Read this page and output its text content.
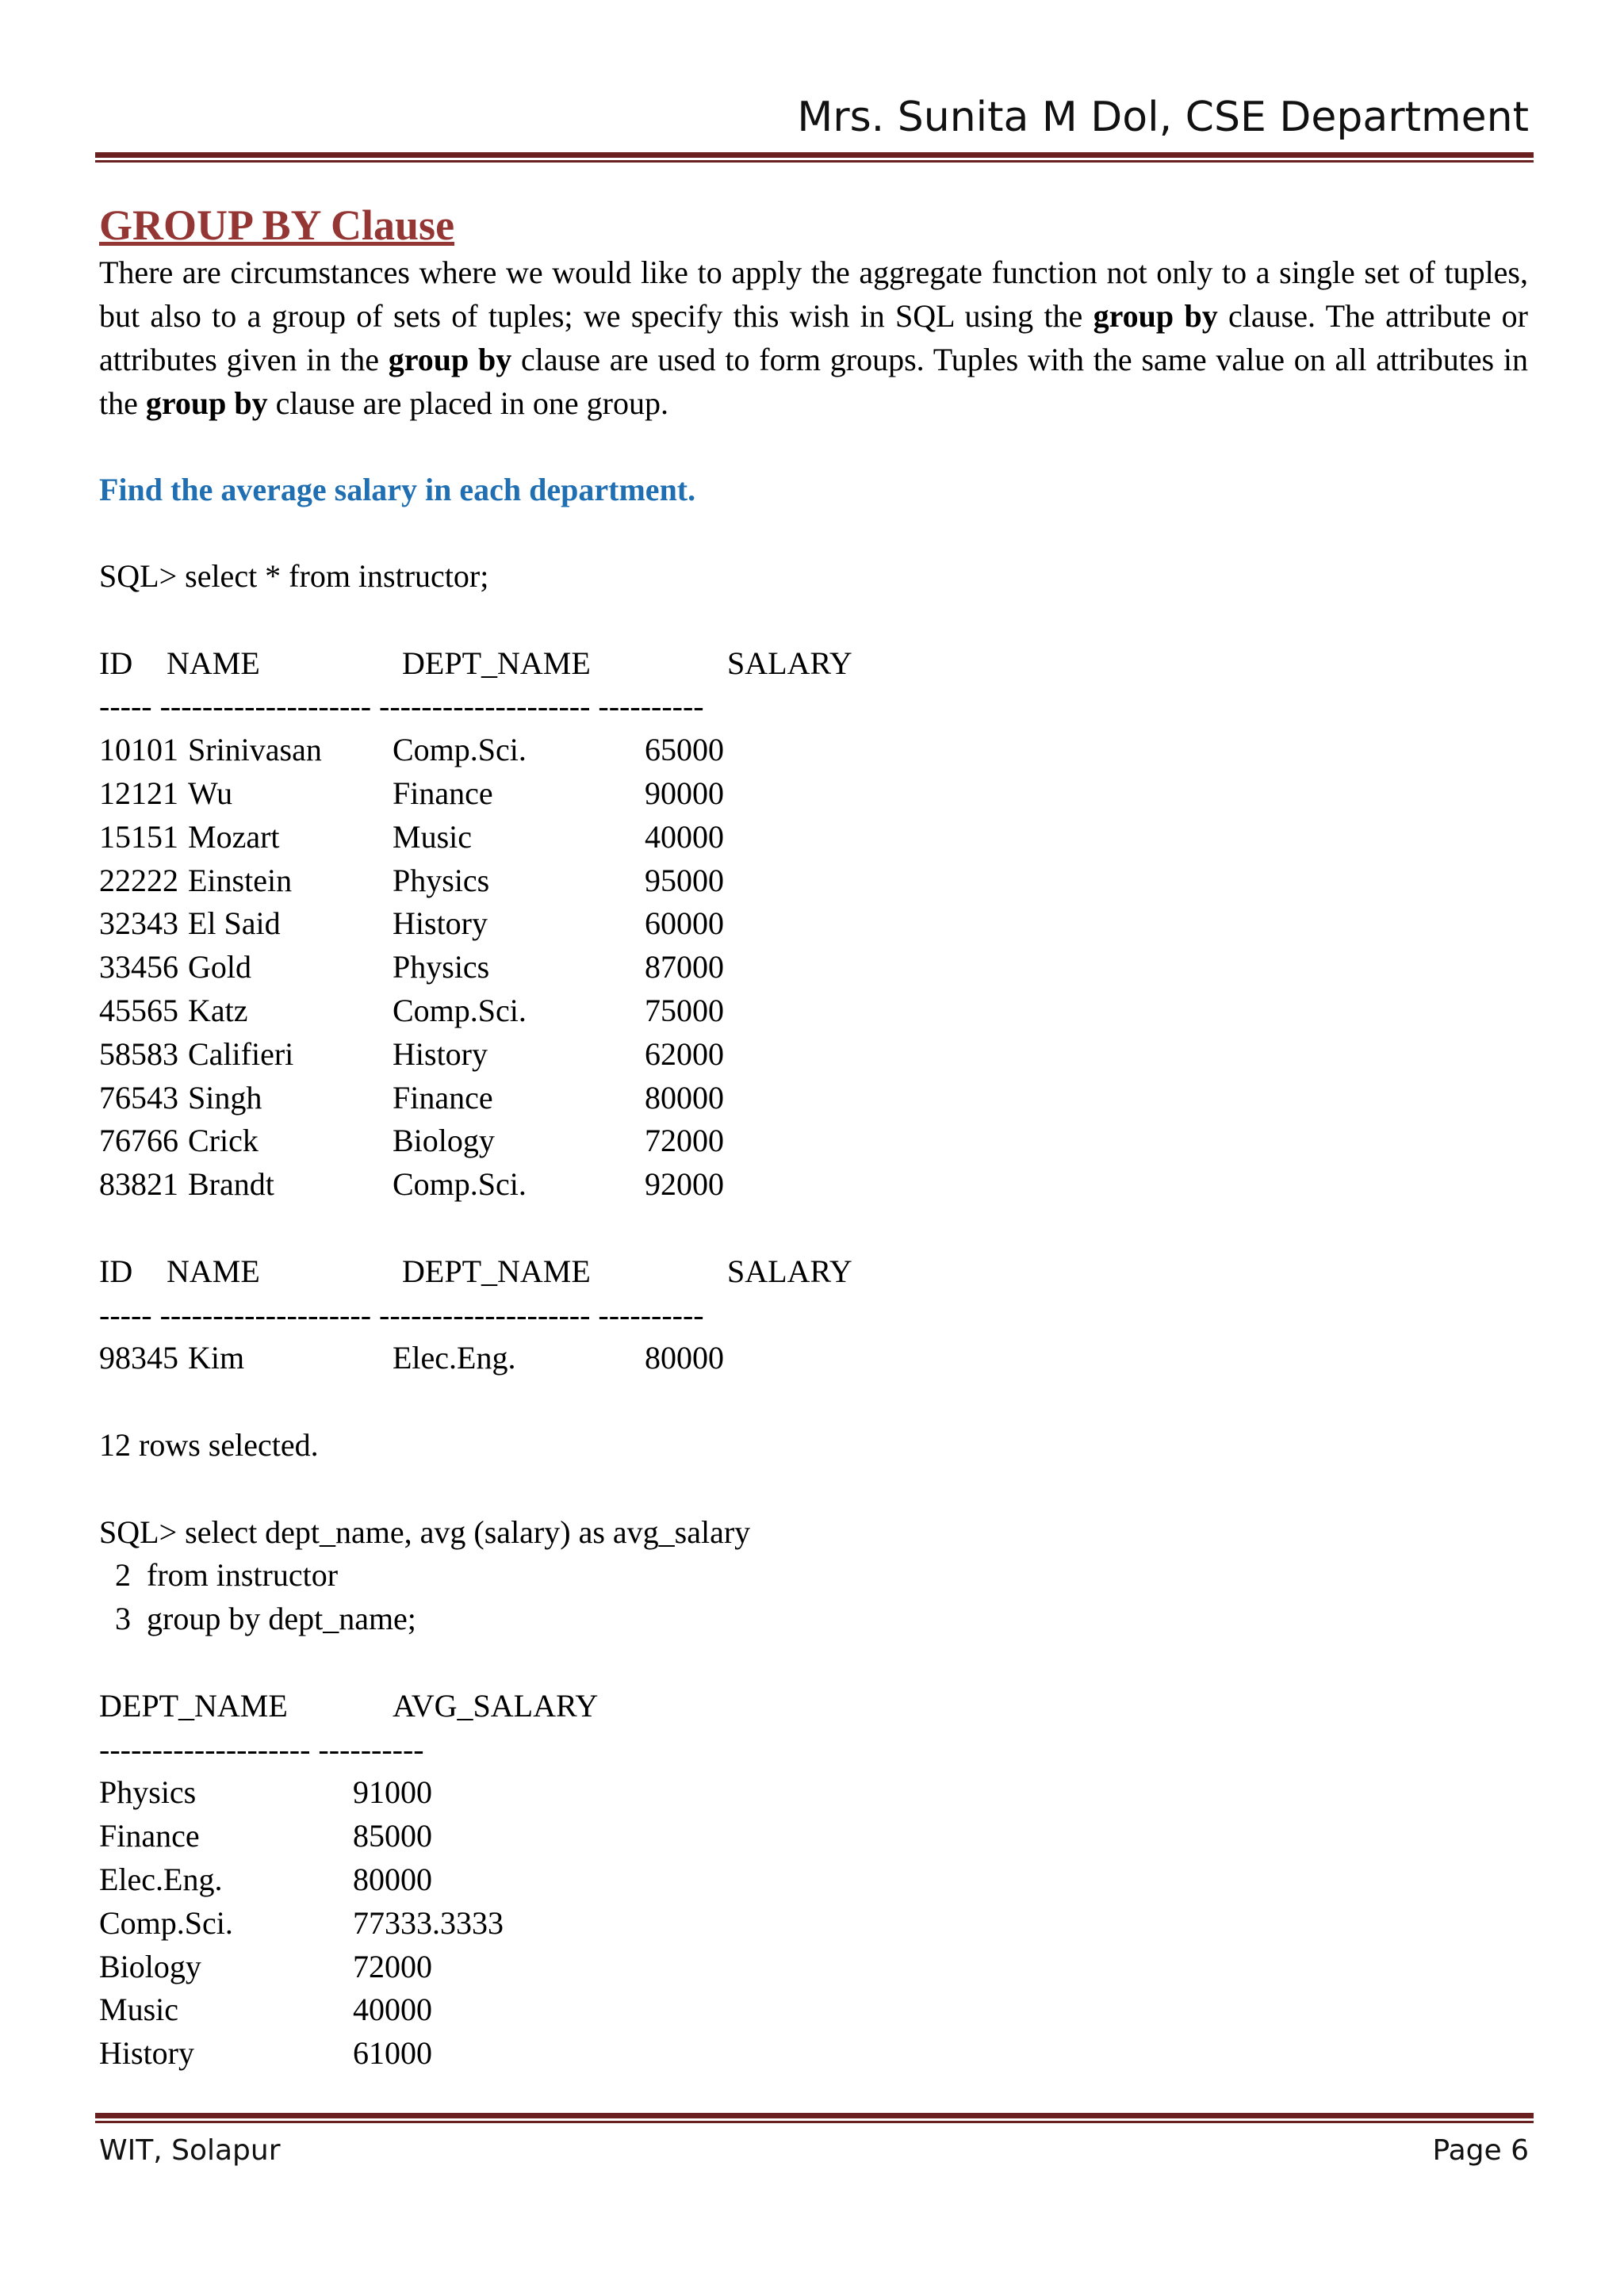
Mrs. Sunita M Dol, CSE Department
GROUP BY Clause

There are circumstances where we would like to apply the aggregate function not only to a single set of tuples, but also to a group of sets of tuples; we specify this wish in SQL using the group by clause. The attribute or attributes given in the group by clause are used to form groups. Tuples with the same value on all attributes in the group by clause are placed in one group.

Find the average salary in each department.

SQL> select * from instructor;
ID NAME	DEPT_NAME	SALARY
----- -------------------- -------------------- ----------
10101 Srinivasan Comp.Sci.	65000
12121 Wu	Finance	90000
15151 Mozart	Music	40000
22222 Einstein	Physics	95000
32343 El Said	History	60000
33456 Gold	Physics	87000
45565 Katz	Comp.Sci.	75000
58583 Califieri	History	62000
76543 Singh	Finance	80000
76766 Crick	Biology	72000
83821 Brandt	Comp.Sci.	92000
ID NAME	DEPT_NAME	SALARY
----- -------------------- -------------------- ----------
98345 Kim	Elec.Eng.	80000
12 rows selected.
SQL> select dept_name, avg (salary) as avg_salary
2  from instructor
3  group by dept_name;
DEPT_NAME	AVG_SALARY
-------------------- ----------
Physics	91000
Finance	85000
Elec.Eng.	80000
Comp.Sci.	77333.3333
Biology	72000
Music	40000
History	61000
WIT, Solapur	Page 6
